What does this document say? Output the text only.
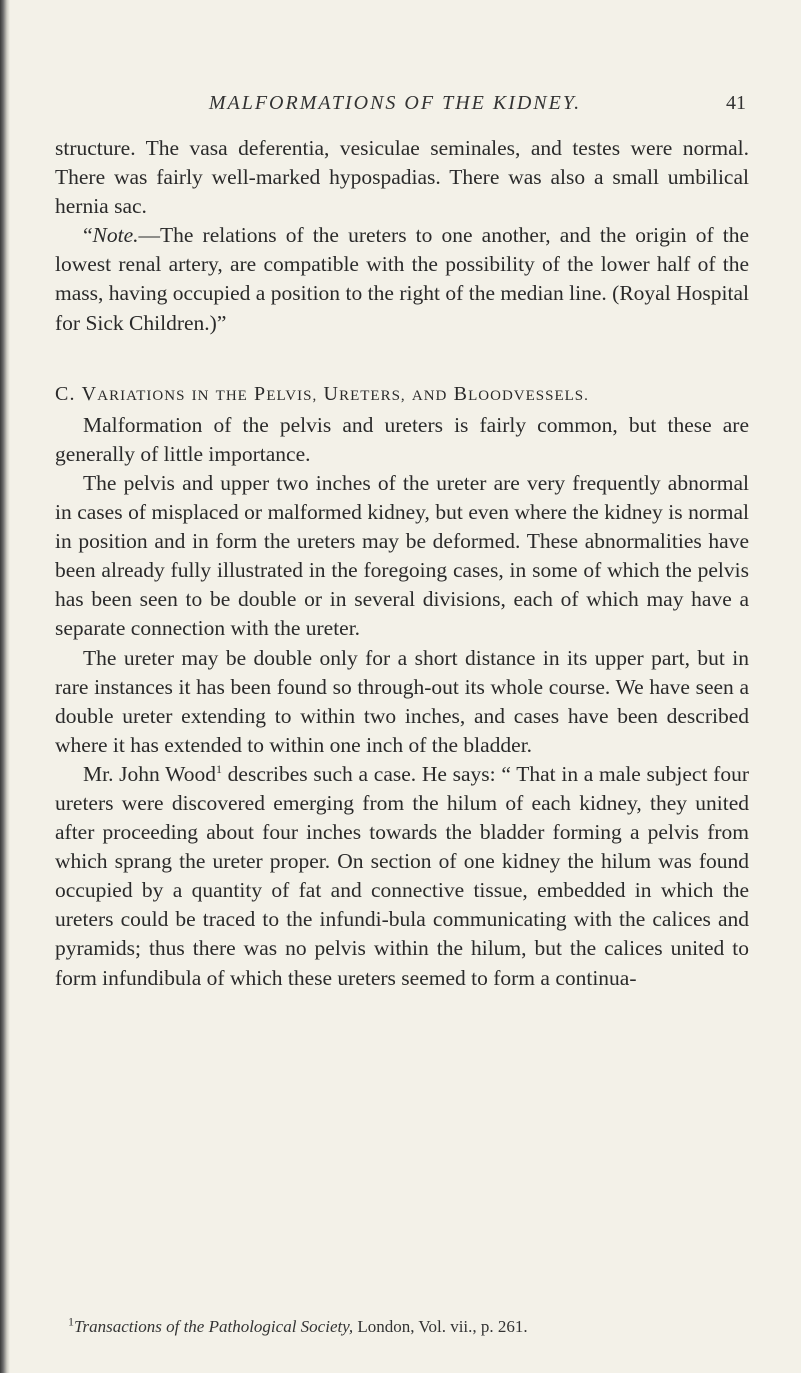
MALFORMATIONS OF THE KIDNEY.	41

structure. The vasa deferentia, vesiculae seminales, and testes were normal. There was fairly well-marked hypospadias. There was also a small umbilical hernia sac.

“Note.—The relations of the ureters to one another, and the origin of the lowest renal artery, are compatible with the possibility of the lower half of the mass, having occupied a position to the right of the median line. (Royal Hospital for Sick Children.)”

C. VARIATIONS IN THE PELVIS, URETERS, AND BLOODVESSELS.

Malformation of the pelvis and ureters is fairly common, but these are generally of little importance.

The pelvis and upper two inches of the ureter are very frequently abnormal in cases of misplaced or malformed kidney, but even where the kidney is normal in position and in form the ureters may be deformed. These abnormalities have been already fully illustrated in the foregoing cases, in some of which the pelvis has been seen to be double or in several divisions, each of which may have a separate connection with the ureter.

The ureter may be double only for a short distance in its upper part, but in rare instances it has been found so through-out its whole course. We have seen a double ureter extending to within two inches, and cases have been described where it has extended to within one inch of the bladder.

Mr. John Wood$^1$ describes such a case. He says: “ That in a male subject four ureters were discovered emerging from the hilum of each kidney, they united after proceeding about four inches towards the bladder forming a pelvis from which sprang the ureter proper. On section of one kidney the hilum was found occupied by a quantity of fat and connective tissue, embedded in which the ureters could be traced to the infundi-bula communicating with the calices and pyramids; thus there was no pelvis within the hilum, but the calices united to form infundibula of which these ureters seemed to form a continua-

$^1$Transactions of the Pathological Society, London, Vol. vii., p. 261.
